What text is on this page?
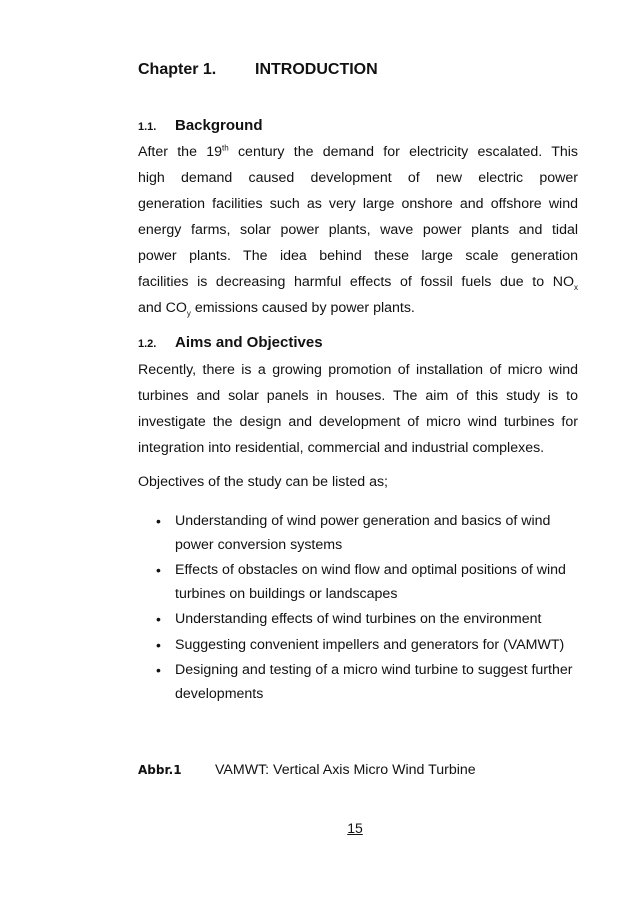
Chapter 1. INTRODUCTION
1.1. Background
After the 19th century the demand for electricity escalated. This
high demand caused development of new electric power
generation facilities such as very large onshore and offshore wind
energy farms, solar power plants, wave power plants and tidal
power plants. The idea behind these large scale generation
facilities is decreasing harmful effects of fossil fuels due to $NO_x$
and $CO_y$ emissions caused by power plants.
1.2. Aims and Objectives
Recently, there is a growing promotion of installation of micro wind
turbines and solar panels in houses. The aim of this study is to
investigate the design and development of micro wind turbines for
integration into residential, commercial and industrial complexes.
Objectives of the study can be listed as;
• Understanding of wind power generation and basics of wind power conversion systems
• Effects of obstacles on wind flow and optimal positions of wind turbines on buildings or landscapes
• Understanding effects of wind turbines on the environment
• Suggesting convenient impellers and generators for (VAMWT)
• Designing and testing of a micro wind turbine to suggest further developments
Abbr.1 VAMWT: Vertical Axis Micro Wind Turbine
15
